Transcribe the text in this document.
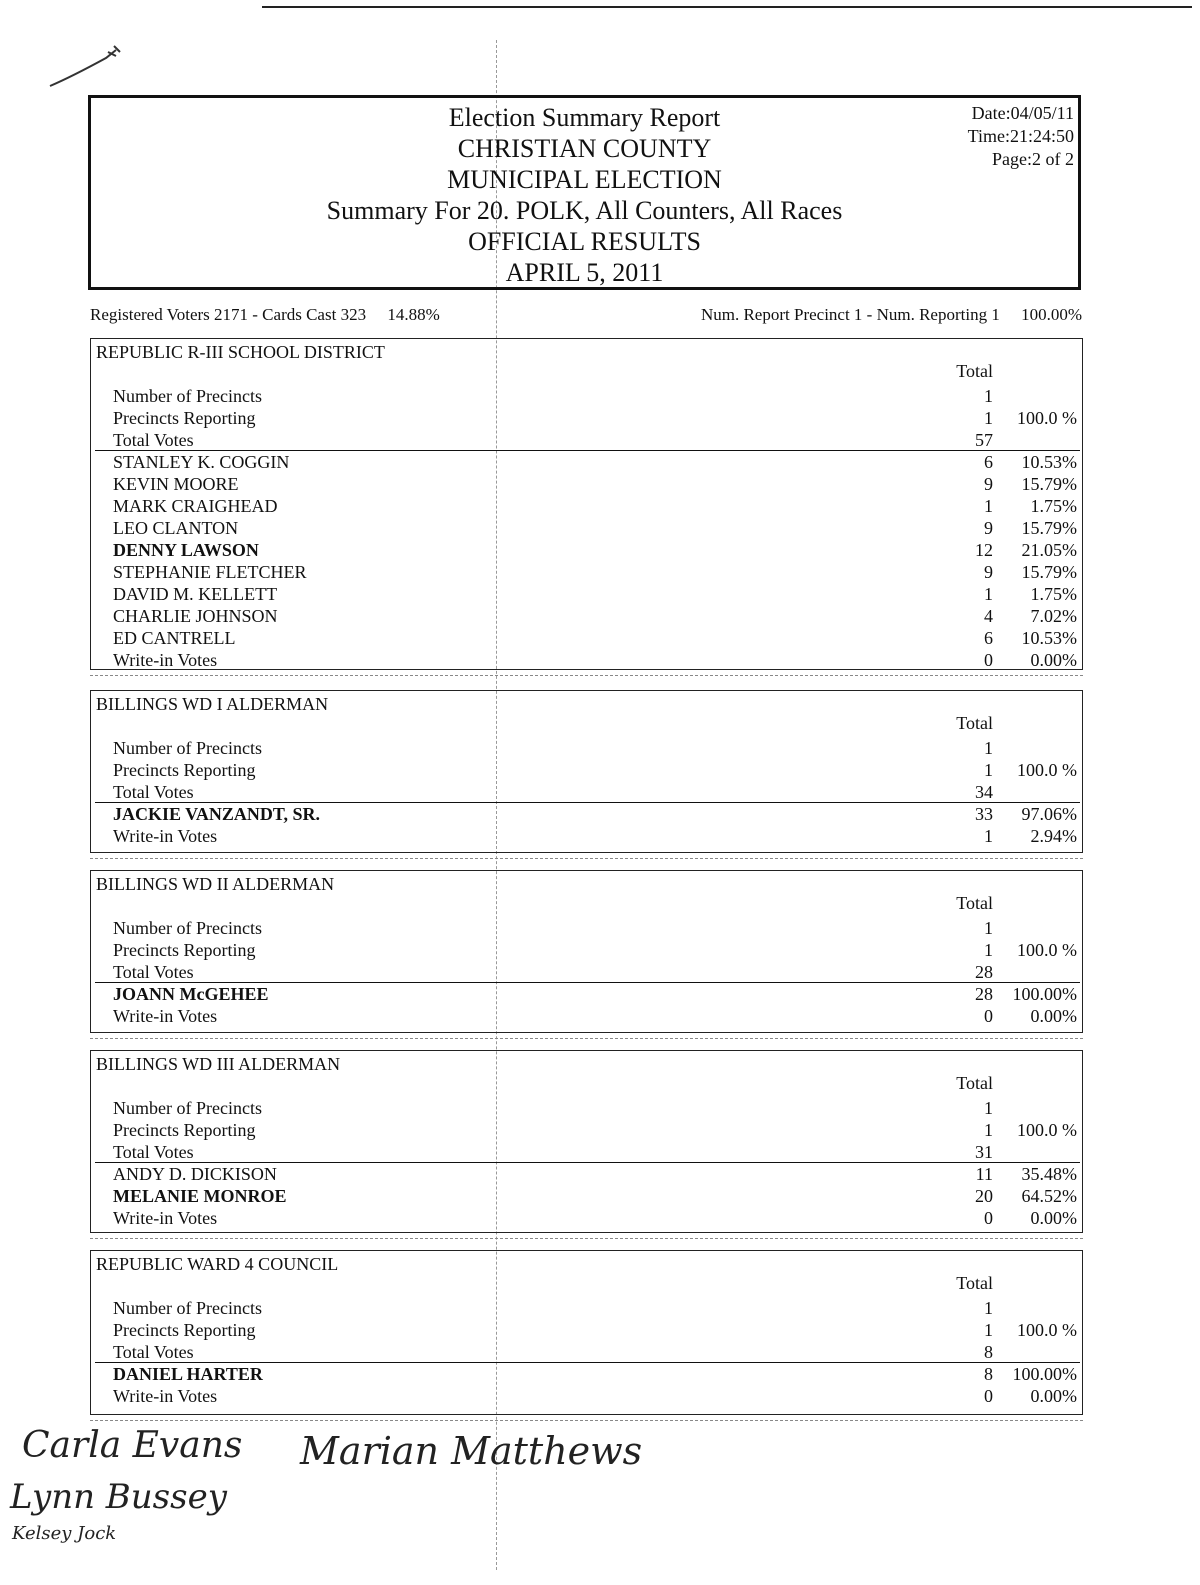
Election Summary Report
CHRISTIAN COUNTY
MUNICIPAL ELECTION
Summary For 20. POLK, All Counters, All Races
OFFICIAL RESULTS
APRIL 5, 2011
Date:04/05/11
Time:21:24:50
Page:2 of 2
Registered Voters 2171 - Cards Cast 323     14.88%	Num. Report Precinct 1 - Num. Reporting 1     100.00%
REPUBLIC R-III SCHOOL DISTRICT
Total
Number of Precincts	1
Precincts Reporting	1	100.0 %
Total Votes	57
STANLEY K. COGGIN	6	10.53%
KEVIN MOORE	9	15.79%
MARK CRAIGHEAD	1	1.75%
LEO CLANTON	9	15.79%
DENNY LAWSON	12	21.05%
STEPHANIE FLETCHER	9	15.79%
DAVID M. KELLETT	1	1.75%
CHARLIE JOHNSON	4	7.02%
ED CANTRELL	6	10.53%
Write-in Votes	0	0.00%
BILLINGS WD I ALDERMAN
Total
Number of Precincts	1
Precincts Reporting	1	100.0 %
Total Votes	34
JACKIE VANZANDT, SR.	33	97.06%
Write-in Votes	1	2.94%
BILLINGS WD II ALDERMAN
Total
Number of Precincts	1
Precincts Reporting	1	100.0 %
Total Votes	28
JOANN McGEHEE	28	100.00%
Write-in Votes	0	0.00%
BILLINGS WD III ALDERMAN
Total
Number of Precincts	1
Precincts Reporting	1	100.0 %
Total Votes	31
ANDY D. DICKISON	11	35.48%
MELANIE MONROE	20	64.52%
Write-in Votes	0	0.00%
REPUBLIC WARD 4 COUNCIL
Total
Number of Precincts	1
Precincts Reporting	1	100.0 %
Total Votes	8
DANIEL HARTER	8	100.00%
Write-in Votes	0	0.00%
Carla Evans Marian Matthews
Lynn Bussey
Kelsey Jock
